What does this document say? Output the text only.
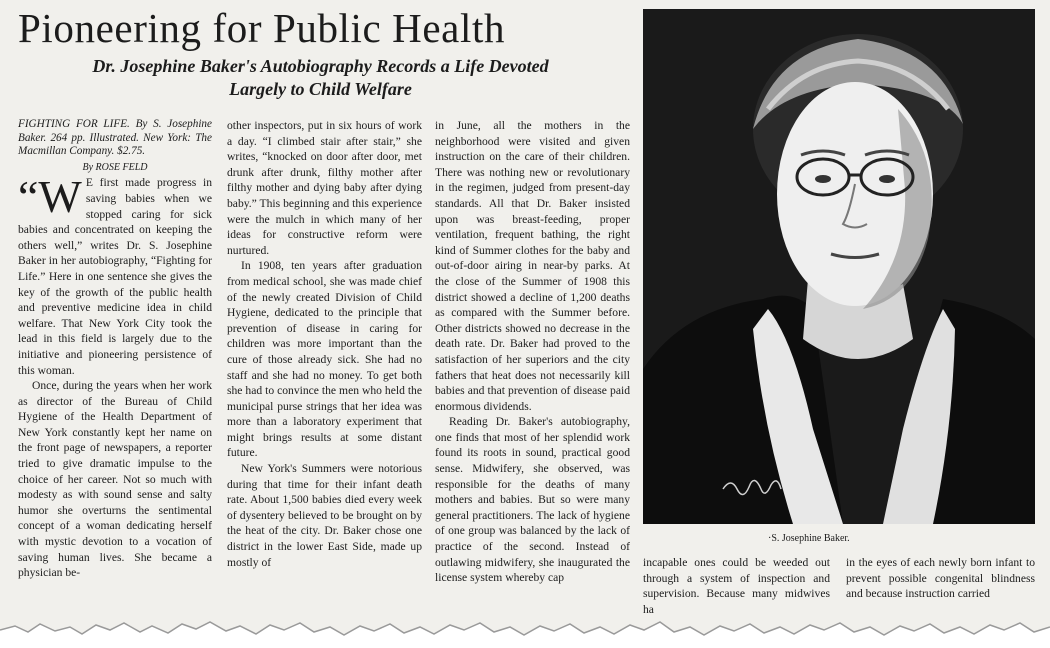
Pioneering for Public Health
Dr. Josephine Baker's Autobiography Records a Life Devoted
Largely to Child Welfare

FIGHTING FOR LIFE. By S. Josephine Baker. 264 pp. Illustrated. New York: The Macmillan Company. $2.75.

By ROSE FELD

“W E first made progress in saving babies when we stopped caring for sick babies and concentrated on keeping the others well,” writes Dr. S. Josephine Baker in her autobiography, “Fighting for Life.” Here in one sentence she gives the key of the growth of the public health and preventive medicine idea in child welfare. That New York City took the lead in this field is largely due to the initiative and pioneering persistence of this woman.

Once, during the years when her work as director of the Bureau of Child Hygiene of the Health Department of New York constantly kept her name on the front page of newspapers, a reporter tried to give dramatic impulse to the choice of her career. Not so much with modesty as with sound sense and salty humor she overturns the sentimental concept of a woman dedicating herself with mystic devotion to a vocation of saving human lives. She became a physician be-

other inspectors, put in six hours of work a day. “I climbed stair after stair,” she writes, “knocked on door after door, met drunk after drunk, filthy mother after filthy mother and dying baby after dying baby.” This beginning and this experience were the mulch in which many of her ideas for constructive reform were nurtured.

In 1908, ten years after graduation from medical school, she was made chief of the newly created Division of Child Hygiene, dedicated to the principle that prevention of disease in caring for children was more important than the cure of those already sick. She had no staff and she had no money. To get both she had to convince the men who held the municipal purse strings that her idea was more than a laboratory experiment that might brings results at some distant future.

New York's Summers were notorious during that time for their infant death rate. About 1,500 babies died every week of dysentery believed to be brought on by the heat of the city. Dr. Baker chose one district in the lower East Side, made up mostly of

in June, all the mothers in the neighborhood were visited and given instruction on the care of their children. There was nothing new or revolutionary in the regimen, judged from present-day standards. All that Dr. Baker insisted upon was breast-feeding, proper ventilation, frequent bathing, the right kind of Summer clothes for the baby and out-of-door airing in near-by parks. At the close of the Summer of 1908 this district showed a decline of 1,200 deaths as compared with the Summer before. Other districts showed no decrease in the death rate. Dr. Baker had proved to the satisfaction of her superiors and the city fathers that heat does not necessarily kill babies and that prevention of disease paid enormous dividends.

Reading Dr. Baker's autobiography, one finds that most of her splendid work found its roots in sound, practical good sense. Midwifery, she observed, was responsible for the deaths of many mothers and babies. But so were many general practitioners. The lack of hygiene of one group was balanced by the lack of practice of the second. Instead of outlawing midwifery, she inaugurated the license system whereby cap

incapable ones could be weeded out through a system of inspection and supervision. Because many midwives ha

in the eyes of each newly born infant to prevent possible congenital blindness and because instruction carried

·S. Josephine Baker.
